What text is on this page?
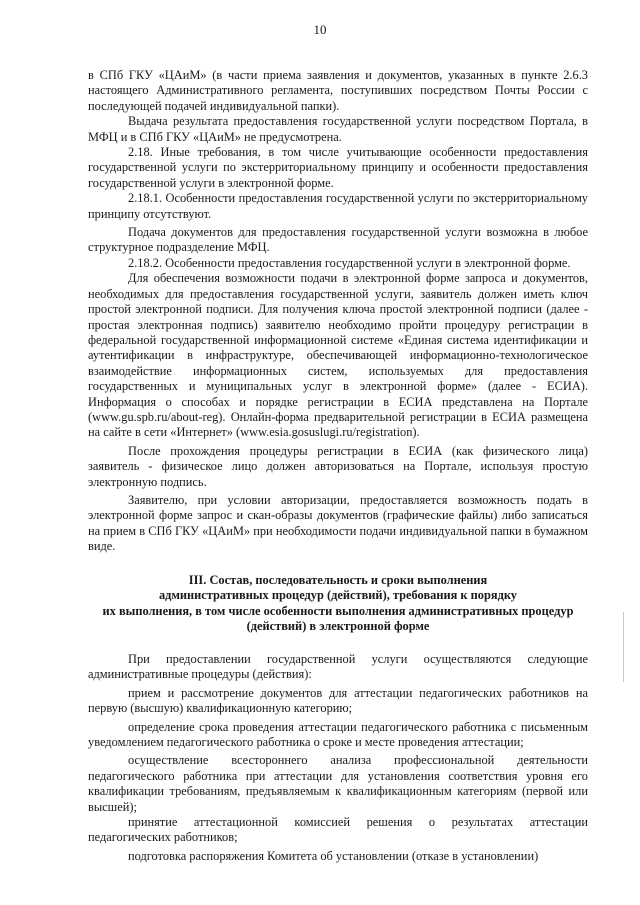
10

в СПб ГКУ «ЦАиМ» (в части приема заявления и документов, указанных в пункте 2.6.3 настоящего Административного регламента, поступивших посредством Почты России с последующей подачей индивидуальной папки).

Выдача результата предоставления государственной услуги посредством Портала, в МФЦ и в СПб ГКУ «ЦАиМ» не предусмотрена.

2.18. Иные требования, в том числе учитывающие особенности предоставления государственной услуги по экстерриториальному принципу и особенности предоставления государственной услуги в электронной форме.

2.18.1. Особенности предоставления государственной услуги по экстерриториальному принципу отсутствуют.

Подача документов для предоставления государственной услуги возможна в любое структурное подразделение МФЦ.

2.18.2. Особенности предоставления государственной услуги в электронной форме.

Для обеспечения возможности подачи в электронной форме запроса и документов, необходимых для предоставления государственной услуги, заявитель должен иметь ключ простой электронной подписи. Для получения ключа простой электронной подписи (далее - простая электронная подпись) заявителю необходимо пройти процедуру регистрации в федеральной государственной информационной системе «Единая система идентификации и аутентификации в инфраструктуре, обеспечивающей информационно-технологическое взаимодействие информационных систем, используемых для предоставления государственных и муниципальных услуг в электронной форме» (далее - ЕСИА). Информация о способах и порядке регистрации в ЕСИА представлена на Портале (www.gu.spb.ru/about-reg). Онлайн-форма предварительной регистрации в ЕСИА размещена на сайте в сети «Интернет» (www.esia.gosuslugi.ru/registration).

После прохождения процедуры регистрации в ЕСИА (как физического лица) заявитель - физическое лицо должен авторизоваться на Портале, используя простую электронную подпись.

Заявителю, при условии авторизации, предоставляется возможность подать в электронной форме запрос и скан-образы документов (графические файлы) либо записаться на прием в СПб ГКУ «ЦАиМ» при необходимости подачи индивидуальной папки в бумажном виде.

III. Состав, последовательность и сроки выполнения
административных процедур (действий), требования к порядку
их выполнения, в том числе особенности выполнения административных процедур
(действий) в электронной форме

При предоставлении государственной услуги осуществляются следующие административные процедуры (действия):

прием и рассмотрение документов для аттестации педагогических работников на первую (высшую) квалификационную категорию;

определение срока проведения аттестации педагогического работника с письменным уведомлением педагогического работника о сроке и месте проведения аттестации;

осуществление всестороннего анализа профессиональной деятельности педагогического работника при аттестации для установления соответствия уровня его квалификации требованиям, предъявляемым к квалификационным категориям (первой или высшей);

принятие аттестационной комиссией решения о результатах аттестации педагогических работников;

подготовка распоряжения Комитета об установлении (отказе в установлении)
